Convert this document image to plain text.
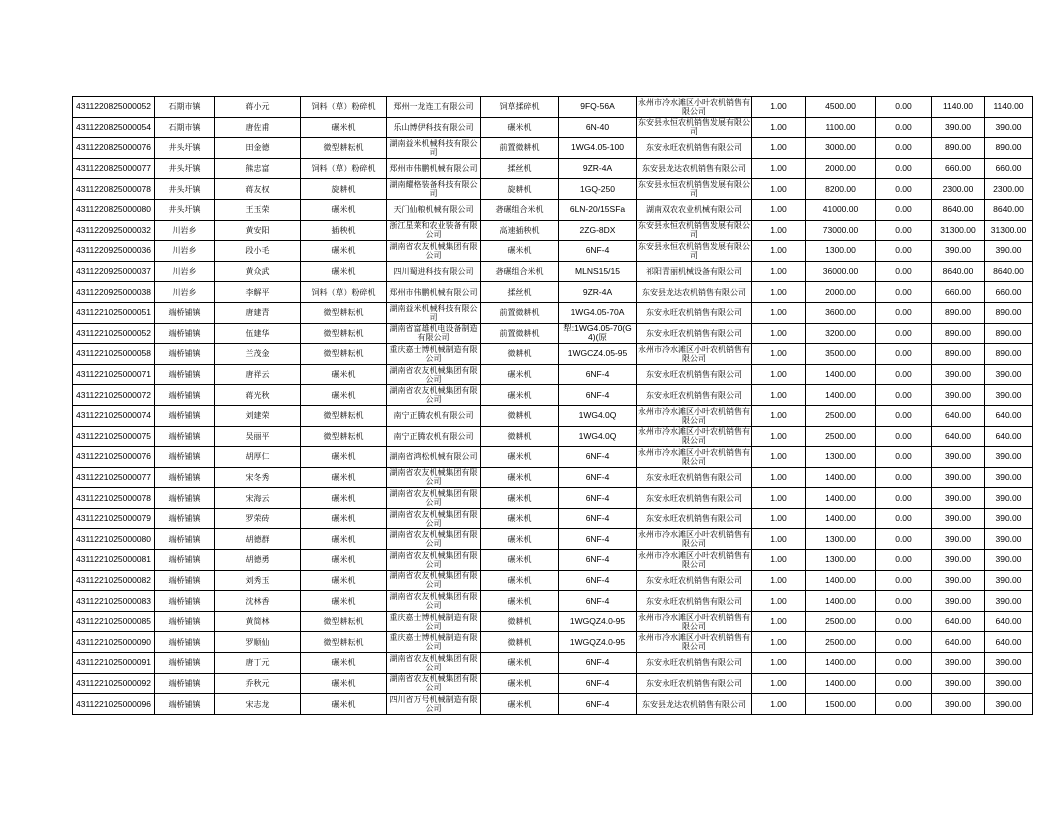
4311220825000052	石期市镇	蒋小元	饲料（草）粉碎机	郑州一龙连工有限公司	饲草揉碎机	9FQ-56A	永州市冷水滩区小叶农机销售有限公司	1.00	4500.00	0.00	1140.00	1140.00
4311220825000054	石期市镇	唐佐甫	碾米机	乐山博伊科技有限公司	碾米机	6N-40	东安县永恒农机销售发展有限公司	1.00	1100.00	0.00	390.00	390.00
4311220825000076	井头圩镇	田金德	微型耕耘机	湖南益米机械科技有限公司	前置微耕机	1WG4.05-100	东安永旺农机销售有限公司	1.00	3000.00	0.00	890.00	890.00
4311220825000077	井头圩镇	熊忠富	饲料（草）粉碎机	郑州市伟鹏机械有限公司	揉丝机	9ZR-4A	东安县龙达农机销售有限公司	1.00	2000.00	0.00	660.00	660.00
4311220825000078	井头圩镇	蒋友权	旋耕机	湖南耀格装备科技有限公司	旋耕机	1GQ-250	东安县永恒农机销售发展有限公司	1.00	8200.00	0.00	2300.00	2300.00
4311220825000080	井头圩镇	王玉荣	碾米机	天门仙粮机械有限公司	砻碾组合米机	6LN-20/15SFa	湖南双农农业机械有限公司	1.00	41000.00	0.00	8640.00	8640.00
4311220925000032	川岩乡	黄安阳	插秧机	浙江星莱和农业装备有限公司	高速插秧机	2ZG-8DX	东安县永恒农机销售发展有限公司	1.00	73000.00	0.00	31300.00	31300.00
4311220925000036	川岩乡	段小毛	碾米机	湖南省农友机械集团有限公司	碾米机	6NF-4	东安县永恒农机销售发展有限公司	1.00	1300.00	0.00	390.00	390.00
4311220925000037	川岩乡	黄众武	碾米机	四川蜀进科技有限公司	砻碾组合米机	MLNS15/15	祁阳青丽机械设备有限公司	1.00	36000.00	0.00	8640.00	8640.00
4311220925000038	川岩乡	李解平	饲料（草）粉碎机	郑州市伟鹏机械有限公司	揉丝机	9ZR-4A	东安县龙达农机销售有限公司	1.00	2000.00	0.00	660.00	660.00
4311221025000051	端桥铺镇	唐建青	微型耕耘机	湖南益米机械科技有限公司	前置微耕机	1WG4.05-70A	东安永旺农机销售有限公司	1.00	3600.00	0.00	890.00	890.00
4311221025000052	端桥铺镇	伍建华	微型耕耘机	湖南省富雄机电设备制造有限公司	前置微耕机	犁:1WG4.05-70(G4)(原	东安永旺农机销售有限公司	1.00	3200.00	0.00	890.00	890.00
4311221025000058	端桥铺镇	兰茂金	微型耕耘机	重庆嘉士博机械制造有限公司	微耕机	1WGCZ4.05-95	永州市冷水滩区小叶农机销售有限公司	1.00	3500.00	0.00	890.00	890.00
4311221025000071	端桥铺镇	唐祥云	碾米机	湖南省农友机械集团有限公司	碾米机	6NF-4	东安永旺农机销售有限公司	1.00	1400.00	0.00	390.00	390.00
4311221025000072	端桥铺镇	蒋光秋	碾米机	湖南省农友机械集团有限公司	碾米机	6NF-4	东安永旺农机销售有限公司	1.00	1400.00	0.00	390.00	390.00
4311221025000074	端桥铺镇	刘建荣	微型耕耘机	南宁正腾农机有限公司	微耕机	1WG4.0Q	永州市冷水滩区小叶农机销售有限公司	1.00	2500.00	0.00	640.00	640.00
4311221025000075	端桥铺镇	吴丽平	微型耕耘机	南宁正腾农机有限公司	微耕机	1WG4.0Q	永州市冷水滩区小叶农机销售有限公司	1.00	2500.00	0.00	640.00	640.00
4311221025000076	端桥铺镇	胡厚仁	碾米机	湖南省鸿松机械有限公司	碾米机	6NF-4	永州市冷水滩区小叶农机销售有限公司	1.00	1300.00	0.00	390.00	390.00
4311221025000077	端桥铺镇	宋冬秀	碾米机	湖南省农友机械集团有限公司	碾米机	6NF-4	东安永旺农机销售有限公司	1.00	1400.00	0.00	390.00	390.00
4311221025000078	端桥铺镇	宋海云	碾米机	湖南省农友机械集团有限公司	碾米机	6NF-4	东安永旺农机销售有限公司	1.00	1400.00	0.00	390.00	390.00
4311221025000079	端桥铺镇	罗荣砖	碾米机	湖南省农友机械集团有限公司	碾米机	6NF-4	东安永旺农机销售有限公司	1.00	1400.00	0.00	390.00	390.00
4311221025000080	端桥铺镇	胡德群	碾米机	湖南省农友机械集团有限公司	碾米机	6NF-4	永州市冷水滩区小叶农机销售有限公司	1.00	1300.00	0.00	390.00	390.00
4311221025000081	端桥铺镇	胡德勇	碾米机	湖南省农友机械集团有限公司	碾米机	6NF-4	永州市冷水滩区小叶农机销售有限公司	1.00	1300.00	0.00	390.00	390.00
4311221025000082	端桥铺镇	刘秀玉	碾米机	湖南省农友机械集团有限公司	碾米机	6NF-4	东安永旺农机销售有限公司	1.00	1400.00	0.00	390.00	390.00
4311221025000083	端桥铺镇	沈林香	碾米机	湖南省农友机械集团有限公司	碾米机	6NF-4	东安永旺农机销售有限公司	1.00	1400.00	0.00	390.00	390.00
4311221025000085	端桥铺镇	黄简林	微型耕耘机	重庆嘉士博机械制造有限公司	微耕机	1WGQZ4.0-95	永州市冷水滩区小叶农机销售有限公司	1.00	2500.00	0.00	640.00	640.00
4311221025000090	端桥铺镇	罗顺仙	微型耕耘机	重庆嘉士博机械制造有限公司	微耕机	1WGQZ4.0-95	永州市冷水滩区小叶农机销售有限公司	1.00	2500.00	0.00	640.00	640.00
4311221025000091	端桥铺镇	唐丁元	碾米机	湖南省农友机械集团有限公司	碾米机	6NF-4	东安永旺农机销售有限公司	1.00	1400.00	0.00	390.00	390.00
4311221025000092	端桥铺镇	乔秋元	碾米机	湖南省农友机械集团有限公司	碾米机	6NF-4	东安永旺农机销售有限公司	1.00	1400.00	0.00	390.00	390.00
4311221025000096	端桥铺镇	宋志龙	碾米机	四川省万号机械制造有限公司	碾米机	6NF-4	东安县龙达农机销售有限公司	1.00	1500.00	0.00	390.00	390.00
